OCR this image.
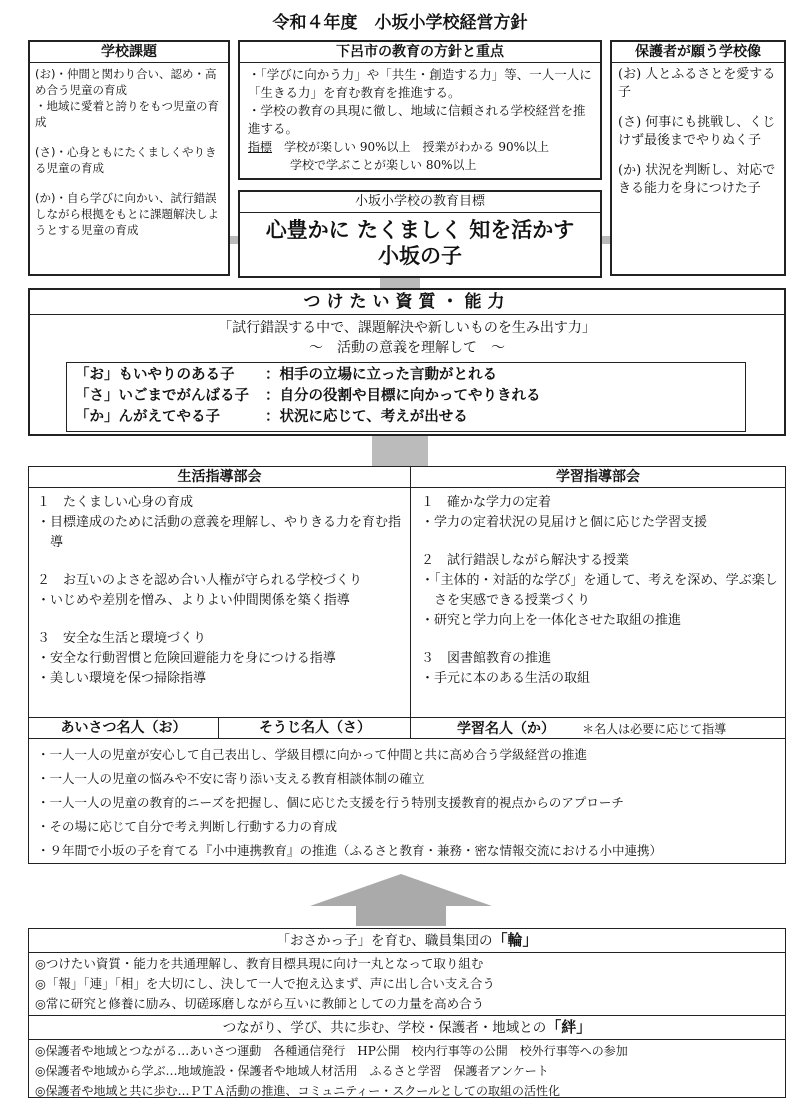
令和４年度　小坂小学校経営方針
学校課題

(お)・仲間と関わり合い、認め・高め合う児童の育成

・地域に愛着と誇りをもつ児童の育成

(さ)・心身ともにたくましくやりきる児童の育成

(か)・自ら学びに向かい、試行錯誤しながら根拠をもとに課題解決しようとする児童の育成

下呂市の教育の方針と重点

・「学びに向かう力」や「共生・創造する力」等、一人一人に「生きる力」を育む教育を推進する。

・学校の教育の具現に徹し、地域に信頼される学校経営を推進する。

指標　 学校が楽しい 90%以上　授業がわかる 90%以上

学校で学ぶことが楽しい 80%以上

小坂小学校の教育目標

心豊かに たくましく 知を活かす

小坂の子

保護者が願う学校像

(お) 人とふるさとを愛する子

(さ) 何事にも挑戦し、くじけず最後までやりぬく子

(か) 状況を判断し、対応できる能力を身につけた子

つけたい資質・能力

「試行錯誤する中で、課題解決や新しいものを生み出す力」

～　活動の意義を理解して　～

「お」もいやりのある子 ：相手の立場に立った言動がとれる

「さ」いごまでがんばる子 ：自分の役割や目標に向かってやりきれる

「か」んがえてやる子	：状況に応じて、考えが出せる

生活指導部会	学習指導部会

１　たくましい心身の育成

・目標達成のために活動の意義を理解し、やりきる力を育む指導

２　お互いのよさを認め合い人権が守られる学校づくり

・いじめや差別を憎み、よりよい仲間関係を築く指導

３　安全な生活と環境づくり

・安全な行動習慣と危険回避能力を身につける指導

・美しい環境を保つ掃除指導

１　確かな学力の定着

・学力の定着状況の見届けと個に応じた学習支援

２　試行錯誤しながら解決する授業

・「主体的・対話的な学び」を通して、考えを深め、学ぶ楽しさを実感できる授業づくり

・研究と学力向上を一体化させた取組の推進

３　図書館教育の推進

・手元に本のある生活の取組

あいさつ名人（お）	そうじ名人（さ）	学習名人（か） ＊名人は必要に応じて指導

・一人一人の児童が安心して自己表出し、学級目標に向かって仲間と共に高め合う学級経営の推進

・一人一人の児童の悩みや不安に寄り添い支える教育相談体制の確立

・一人一人の児童の教育的ニーズを把握し、個に応じた支援を行う特別支援教育的視点からのアプローチ

・その場に応じて自分で考え判断し行動する力の育成

・９年間で小坂の子を育てる『小中連携教育』の推進（ふるさと教育・兼務・密な情報交流における小中連携）

「おさかっ子」を育む、職員集団の「輪」

◎つけたい資質・能力を共通理解し、教育目標具現に向け一丸となって取り組む

◎「報」「連」「相」を大切にし、決して一人で抱え込まず、声に出し合い支え合う

◎常に研究と修養に励み、切磋琢磨しながら互いに教師としての力量を高め合う

つながり、学び、共に歩む、学校・保護者・地域との「絆」

◎保護者や地域とつながる…あいさつ運動　各種通信発行　HP公開　校内行事等の公開　校外行事等への参加

◎保護者や地域から学ぶ…地域施設・保護者や地域人材活用　ふるさと学習　保護者アンケート

◎保護者や地域と共に歩む…ＰＴＡ活動の推進、コミュニティー・スクールとしての取組の活性化
